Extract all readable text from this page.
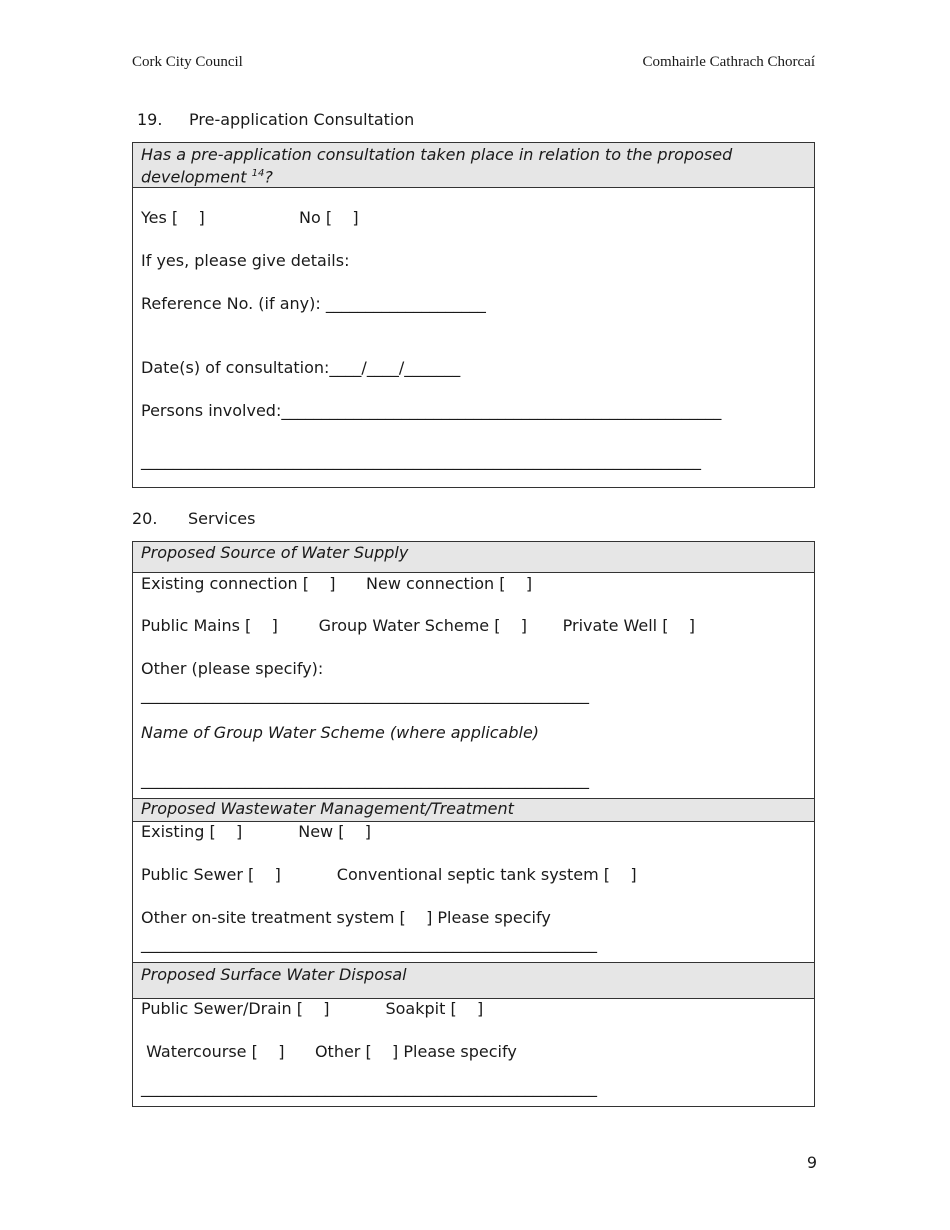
Cork City Council	Comhairle Cathrach Chorcaí
19. Pre-application Consultation
Has a pre-application consultation taken place in relation to the proposed development $^{14}$?
Yes [    ]	No [    ]
If yes, please give details:
Reference No. (if any): ____________________
Date(s) of consultation:____/____/_______
Persons involved:_______________________________________________________
______________________________________________________________________
20. Services
Proposed Source of Water Supply
Existing connection [    ]      New connection [    ]
Public Mains [    ]        Group Water Scheme [    ]       Private Well [    ]
Other (please specify):
________________________________________________________
Name of Group Water Scheme (where applicable)
________________________________________________________
Proposed Wastewater Management/Treatment
Existing [    ]           New [    ]
Public Sewer [    ]           Conventional septic tank system [    ]
Other on-site treatment system [    ] Please specify
_________________________________________________________
Proposed Surface Water Disposal
Public Sewer/Drain [    ]           Soakpit [    ]
Watercourse [    ]      Other [    ] Please specify
_________________________________________________________
9
